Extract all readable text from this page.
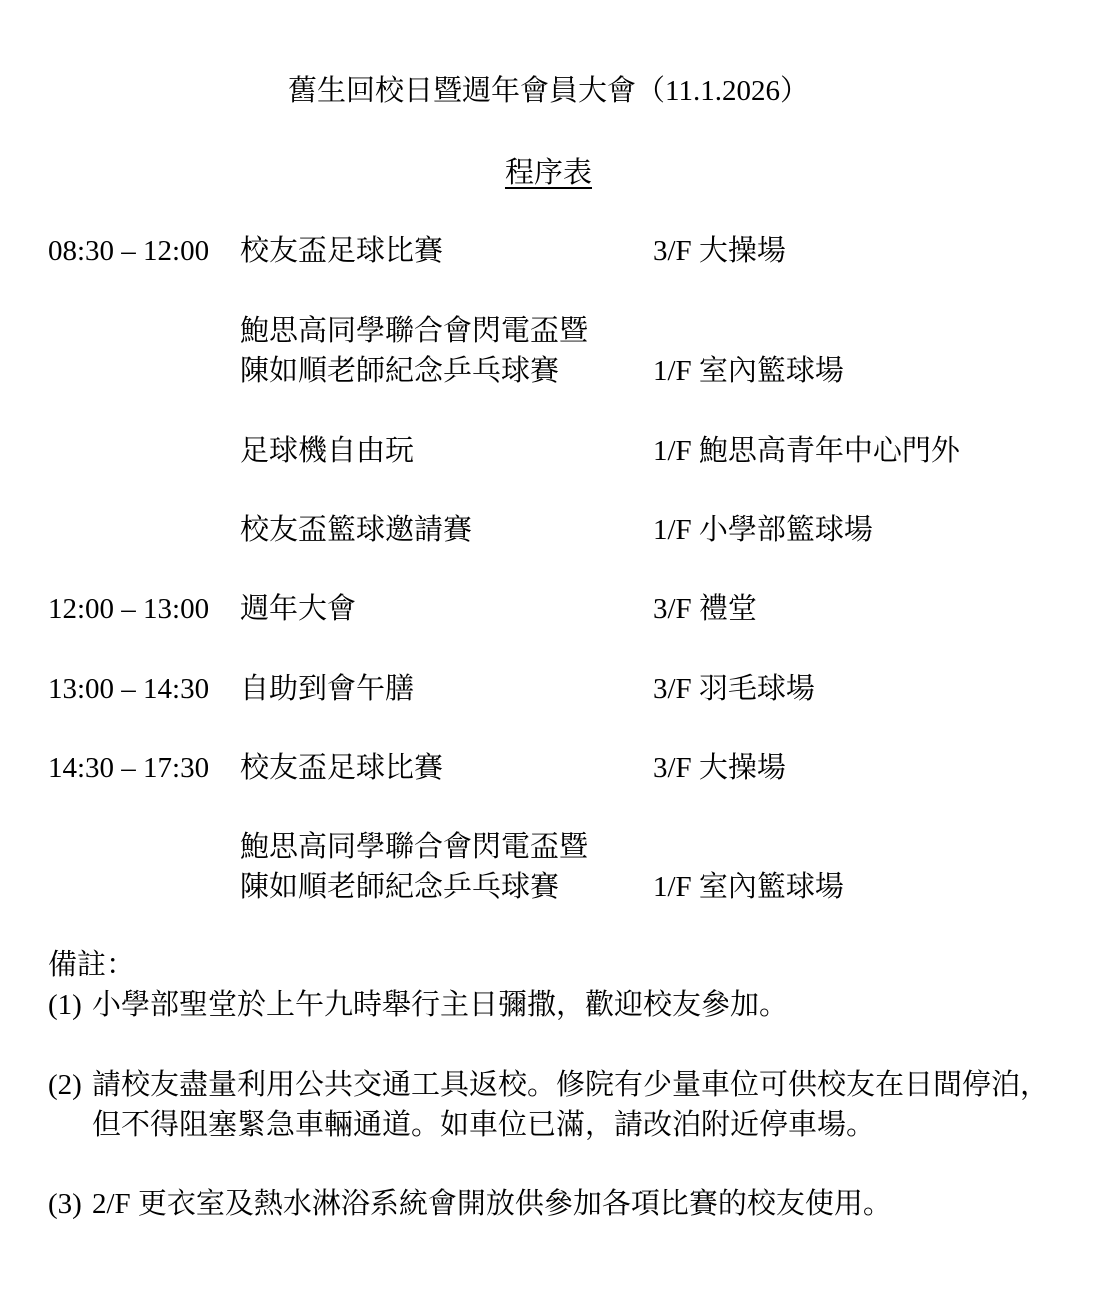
舊生回校日暨週年會員大會（11.1.2026）
程序表
08:30 – 12:00 校友盃足球比賽	3/F 大操場
鮑思高同學聯合會閃電盃暨
陳如順老師紀念乒乓球賽	1/F 室內籃球場
足球機自由玩	1/F 鮑思高青年中心門外
校友盃籃球邀請賽	1/F 小學部籃球場
12:00 – 13:00 週年大會	3/F 禮堂
13:00 – 14:30 自助到會午膳	3/F 羽毛球場
14:30 – 17:30 校友盃足球比賽	3/F 大操場
鮑思高同學聯合會閃電盃暨
陳如順老師紀念乒乓球賽	1/F 室內籃球場
備註：
(1) 小學部聖堂於上午九時舉行主日彌撒，歡迎校友參加。
(2) 請校友盡量利用公共交通工具返校。修院有少量車位可供校友在日間停泊，
但不得阻塞緊急車輛通道。如車位已滿，請改泊附近停車場。
(3) 2/F 更衣室及熱水淋浴系統會開放供參加各項比賽的校友使用。
